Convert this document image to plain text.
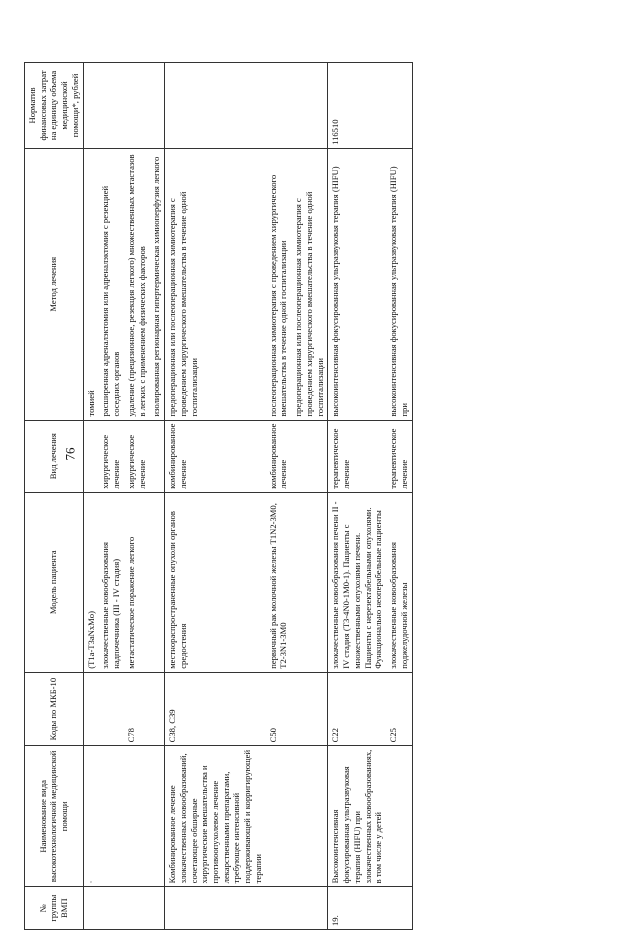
76
№ группы ВМП	Наименование вида высокотехнологичной медицинской помощи	Коды по МКБ-10	Модель пациента	Вид лечения	Метод лечения	Норматив финансовых затрат на единицу объема медицинской помощи*, рублей
	·		(T1a-T3aNxMo)		томией	
			злокачественные новообразования надпочечника (III - IV стадия)	хирургическое лечение	расширенная адреналэктомия или адреналэктомия с резекцией соседних органов	
		C78	метастатическое поражение легкого	хирургическое лечение	удаление (прецизионное, резекция легкого) множественных метастазов в легких с применением физических факторов	
					изолированная регионарная гипертермическая химиоперфузия легкого	
	Комбинированное лечение злокачественных новообразований, сочетающее обширные хирургические вмешательства и противоопухолевое лечение лекарственными препаратами, требующее интенсивной поддерживающей и корригирующей терапии	C38, C39	местнораспространенные опухоли органов средостения	комбинированное лечение	предоперационная или послеоперационная химиотерапия с проведением хирургического вмешательства в течение одной госпитализации	
		C50	первичный рак молочной железы T1N2-3M0, T2-3N1-3M0	комбинированное лечение	послеоперационная химиотерапия с проведением хирургического вмешательства в течение одной госпитализации	
					предоперационная или послеоперационная химиотерапия с проведением хирургического вмешательства в течение одной госпитализации	
19.	Высокоинтенсивная фокусированная ультразвуковая терапия (HIFU) при злокачественных новообразованиях, в том числе у детей	C22	злокачественные новообразования печени II - IV стадия (T3-4N0-1M0-1). Пациенты с множественными опухолями печени. Пациенты с нерезектабельными опухолями. Функционально неоперабельные пациенты	терапевтическое лечение	высокоинтенсивная фокусированная ультразвуковая терапия (HIFU)	116510
		C25	злокачественные новообразования поджелудочной железы	терапевтическое лечение	высокоинтенсивная фокусированная ультразвуковая терапия (HIFU) при	
